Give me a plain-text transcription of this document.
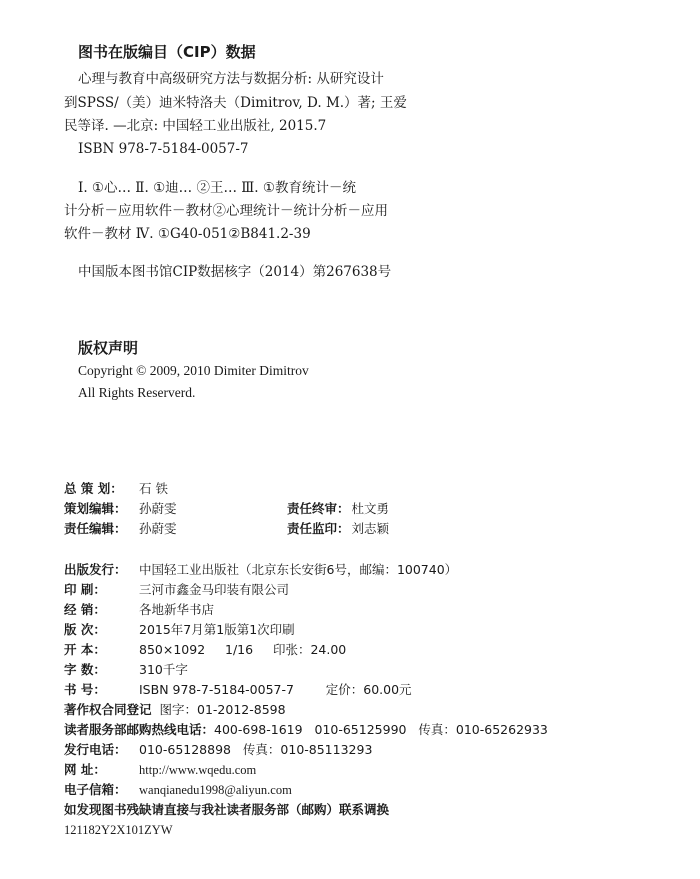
图书在版编目（CIP）数据
心理与教育中高级研究方法与数据分析: 从研究设计
到SPSS/（美）迪米特洛夫（Dimitrov, D. M.）著; 王爱
民等译. —北京: 中国轻工业出版社, 2015.7
ISBN 978-7-5184-0057-7
Ⅰ. ①心… Ⅱ. ①迪… ②王… Ⅲ. ①教育统计－统
计分析－应用软件－教材②心理统计－统计分析－应用
软件－教材 Ⅳ. ①G40-051②B841.2-39
中国版本图书馆CIP数据核字（2014）第267638号
版权声明
Copyright © 2009, 2010 Dimiter Dimitrov
All Rights Reserverd.
总 策 划： 石 铁
策划编辑： 孙蔚雯	责任终审： 杜文勇
责任编辑： 孙蔚雯	责任监印： 刘志颖
出版发行： 中国轻工业出版社（北京东长安街6号，邮编：100740）
印 刷：	三河市鑫金马印装有限公司
经 销：	各地新华书店
版 次：	2015年7月第1版第1次印刷
开 本：	850×1092     1/16     印张：24.00
字 数：	310千字
书 号：	ISBN 978-7-5184-0057-7        定价：60.00元
著作权合同登记 图字：01-2012-8598
读者服务部邮购热线电话：400-698-1619   010-65125990   传真：010-65262933
发行电话： 010-65128898   传真：010-85113293
网 址：	http://www.wqedu.com
电子信箱： wanqianedu1998@aliyun.com
如发现图书残缺请直接与我社读者服务部（邮购）联系调换
121182Y2X101ZYW
